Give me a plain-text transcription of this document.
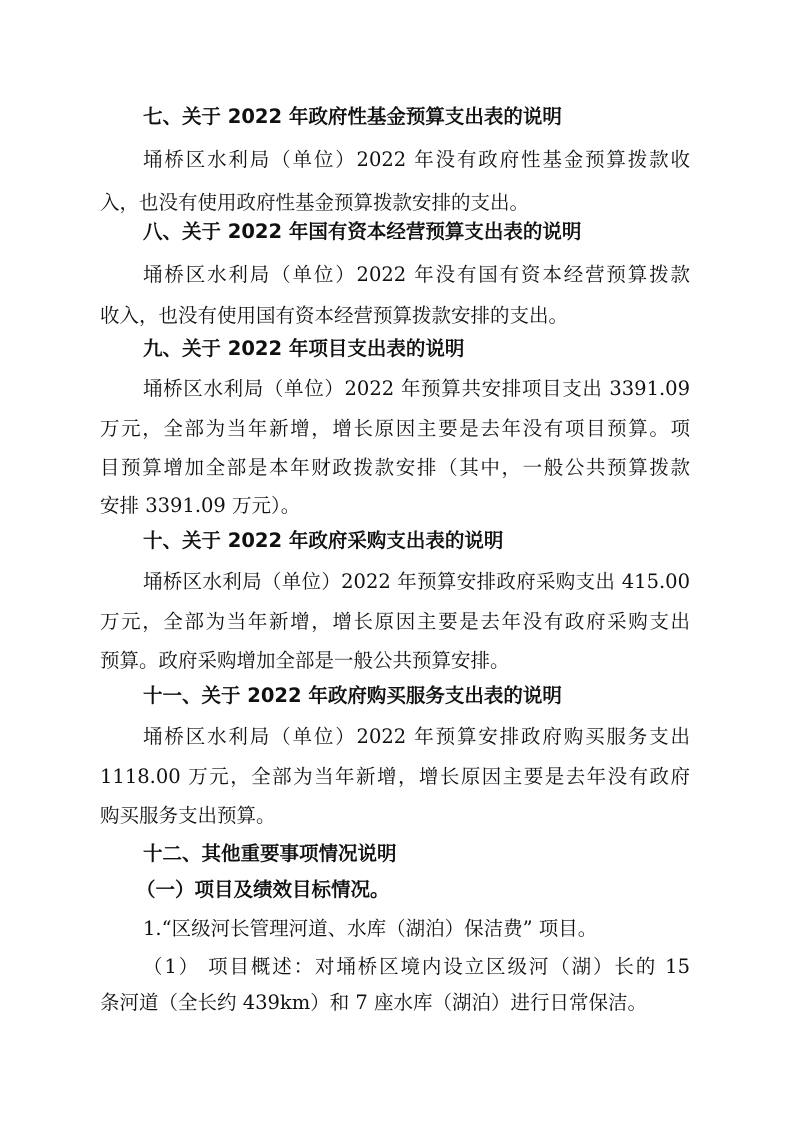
七、关于 2022 年政府性基金预算支出表的说明
埇桥区水利局（单位）2022 年没有政府性基金预算拨款收
入，也没有使用政府性基金预算拨款安排的支出。
八、关于 2022 年国有资本经营预算支出表的说明
埇桥区水利局（单位）2022 年没有国有资本经营预算拨款
收入，也没有使用国有资本经营预算拨款安排的支出。
九、关于 2022 年项目支出表的说明
埇桥区水利局（单位）2022 年预算共安排项目支出 3391.09
万元，全部为当年新增，增长原因主要是去年没有项目预算。项
目预算增加全部是本年财政拨款安排（其中，一般公共预算拨款
安排 3391.09 万元）。
十、关于 2022 年政府采购支出表的说明
埇桥区水利局（单位）2022 年预算安排政府采购支出 415.00
万元，全部为当年新增，增长原因主要是去年没有政府采购支出
预算。政府采购增加全部是一般公共预算安排。
十一、关于 2022 年政府购买服务支出表的说明
埇桥区水利局（单位）2022 年预算安排政府购买服务支出
1118.00 万元，全部为当年新增，增长原因主要是去年没有政府
购买服务支出预算。
十二、其他重要事项情况说明
（一）项目及绩效目标情况。
1.“区级河长管理河道、水库（湖泊）保洁费” 项目。
（1） 项目概述：对埇桥区境内设立区级河（湖）长的 15
条河道（全长约 439km）和 7 座水库（湖泊）进行日常保洁。
